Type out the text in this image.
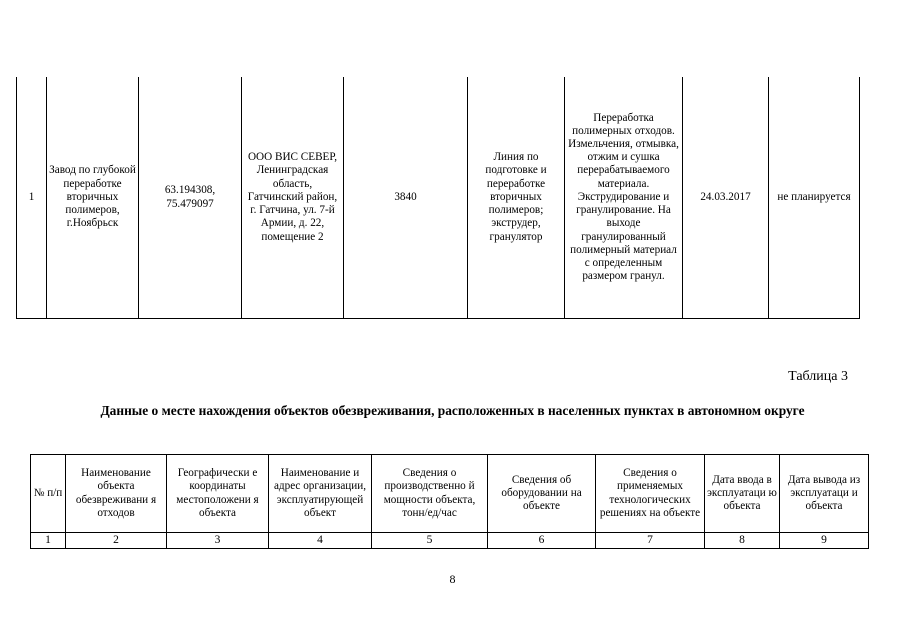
1	Завод по глубокой переработке вторичных полимеров, г.Ноябрьск	63.194308, 75.479097	ООО ВИС СЕВЕР, Ленинградская область, Гатчинский район, г. Гатчина, ул. 7-й Армии, д. 22, помещение 2	3840	Линия по подготовке и переработке вторичных полимеров; экструдер, гранулятор	Переработка полимерных отходов. Измельчения, отмывка, отжим и сушка перерабатываемого материала. Экструдирование и гранулирование. На выходе гранулированный полимерный материал с определенным размером гранул.	24.03.2017	не планируется
Таблица 3
Данные о месте нахождения объектов обезвреживания, расположенных в населенных пунктах в автономном округе
№ п/п	Наименование объекта обезвреживани я отходов	Географически е координаты местоположени я объекта	Наименование и адрес организации, эксплуатирующей объект	Сведения о производственно й мощности объекта, тонн/ед/час	Сведения об оборудовании на объекте	Сведения о применяемых технологических решениях на объекте	Дата ввода в эксплуатаци ю объекта	Дата вывода из эксплуатаци и объекта
1	2	3	4	5	6	7	8	9
8
